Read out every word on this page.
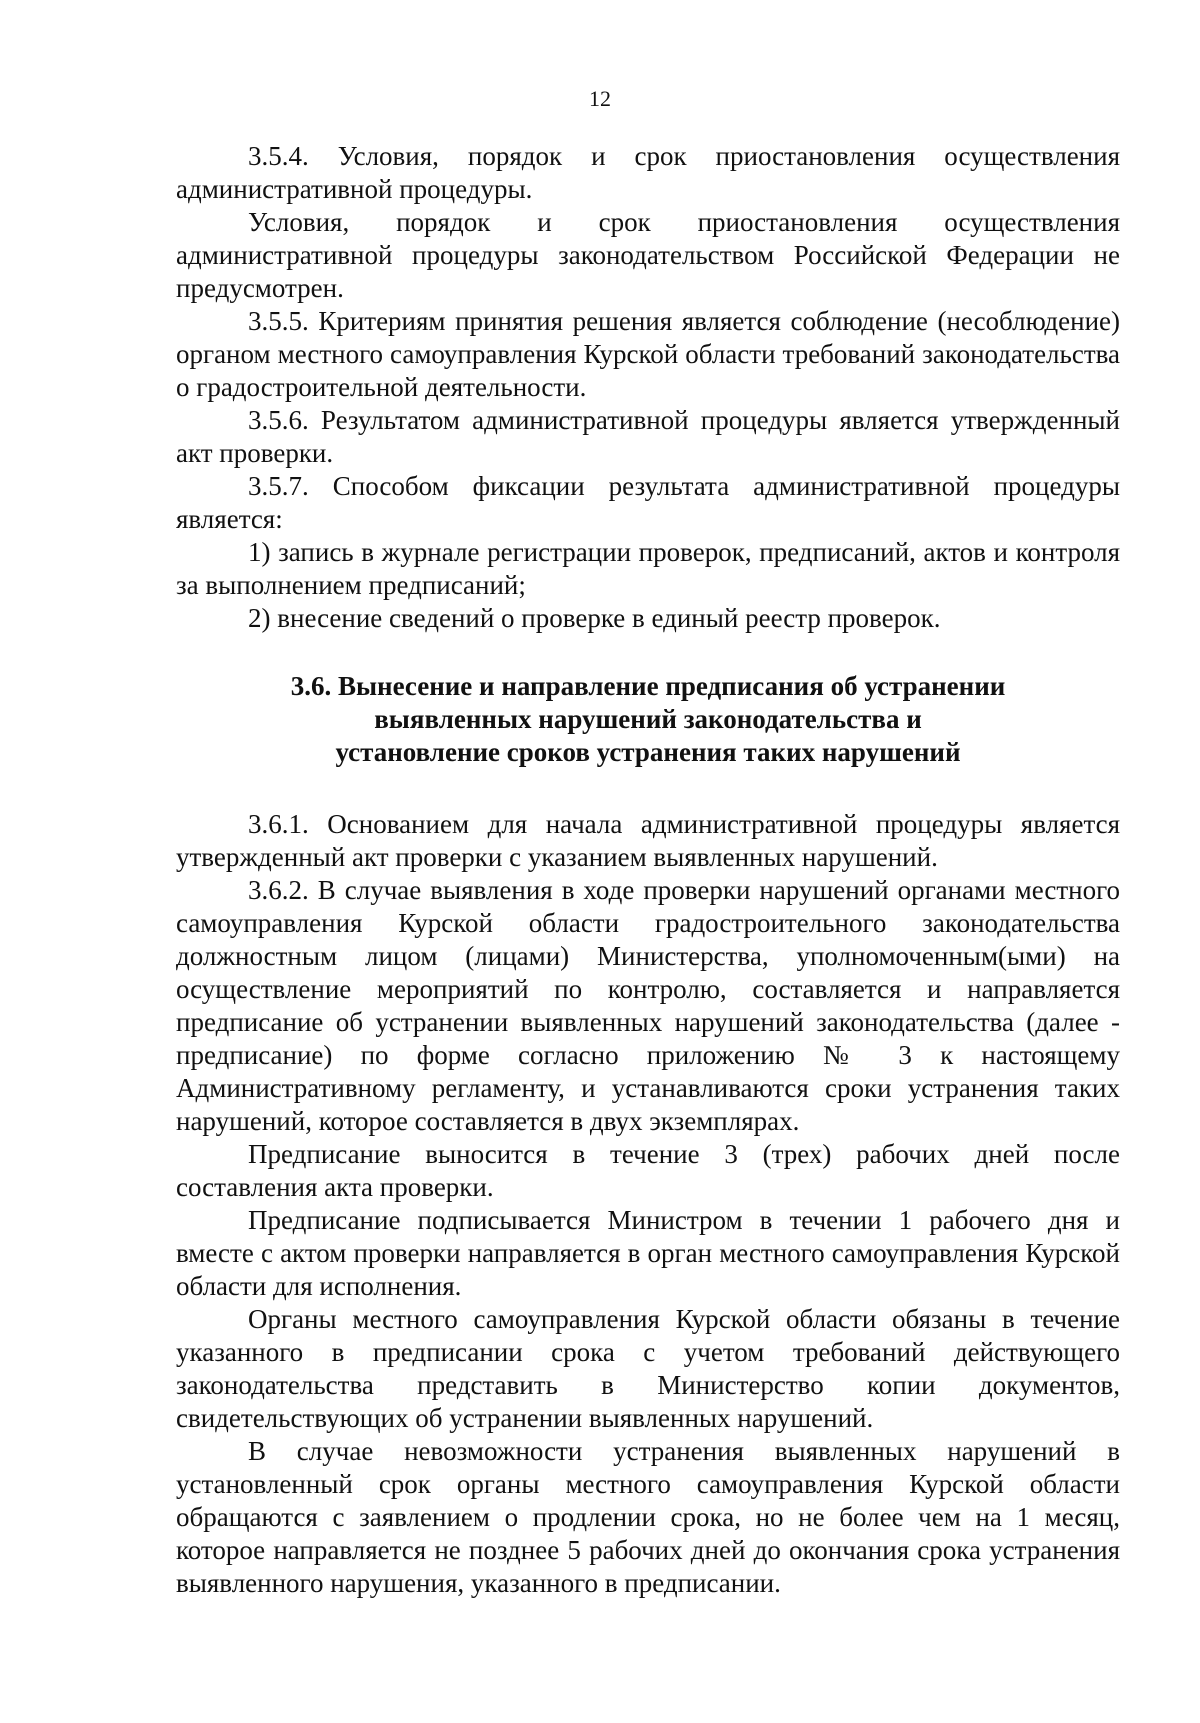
12

3.5.4. Условия, порядок и срок приостановления осуществления административной процедуры.

Условия, порядок и срок приостановления осуществления административной процедуры законодательством Российской Федерации не предусмотрен.

3.5.5. Критериям принятия решения является соблюдение (несоблюдение) органом местного самоуправления Курской области требований законодательства о градостроительной деятельности.

3.5.6. Результатом административной процедуры является утвержденный акт проверки.

3.5.7. Способом фиксации результата административной процедуры является:

1) запись в журнале регистрации проверок, предписаний, актов и контроля за выполнением предписаний;

2) внесение сведений о проверке в единый реестр проверок.

3.6. Вынесение и направление предписания об устранении
выявленных нарушений законодательства и
установление сроков устранения таких нарушений

3.6.1. Основанием для начала административной процедуры является утвержденный акт проверки с указанием выявленных нарушений.

3.6.2. В случае выявления в ходе проверки нарушений органами местного самоуправления Курской области градостроительного законодательства должностным лицом (лицами) Министерства, уполномоченным(ыми) на осуществление мероприятий по контролю, составляется и направляется предписание об устранении выявленных нарушений законодательства (далее - предписание) по форме согласно приложению № 3 к настоящему Административному регламенту, и устанавливаются сроки устранения таких нарушений, которое составляется в двух экземплярах.

Предписание выносится в течение 3 (трех) рабочих дней после составления акта проверки.

Предписание подписывается Министром в течении 1 рабочего дня и вместе с актом проверки направляется в орган местного самоуправления Курской области для исполнения.

Органы местного самоуправления Курской области обязаны в течение указанного в предписании срока с учетом требований действующего законодательства представить в Министерство копии документов, свидетельствующих об устранении выявленных нарушений.

В случае невозможности устранения выявленных нарушений в установленный срок органы местного самоуправления Курской области обращаются с заявлением о продлении срока, но не более чем на 1 месяц, которое направляется не позднее 5 рабочих дней до окончания срока устранения выявленного нарушения, указанного в предписании.
